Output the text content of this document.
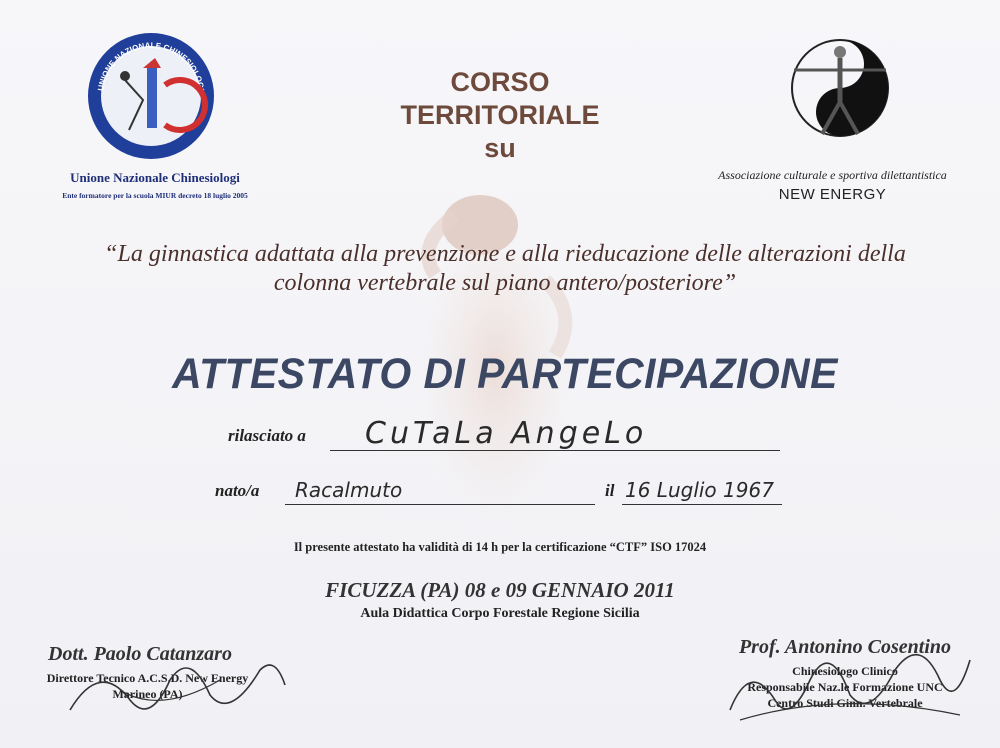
UNIONE NAZIONALE CHINESIOLOGI
Unione Nazionale Chinesiologi
Ente formatore per la scuola MIUR decreto 18 luglio 2005
Associazione culturale e sportiva dilettantistica
NEW ENERGY
CORSO
TERRITORIALE
su
“La ginnastica adattata alla prevenzione e alla rieducazione delle alterazioni della
colonna vertebrale sul piano antero/posteriore”
ATTESTATO DI PARTECIPAZIONE
rilasciato a CuTaLa AngeLo
nato/a Racalmuto	il 16 Luglio 1967
Il presente attestato ha validità di 14 h per la certificazione “CTF” ISO 17024
FICUZZA (PA) 08 e 09 GENNAIO 2011
Aula Didattica Corpo Forestale Regione Sicilia
Dott. Paolo Catanzaro
Direttore Tecnico A.C.S.D. New Energy
Marineo (PA)
Prof. Antonino Cosentino
Chinesiologo Clinico
Responsabile Naz.le Formazione UNC
Centro Studi Ginn. Vertebrale
